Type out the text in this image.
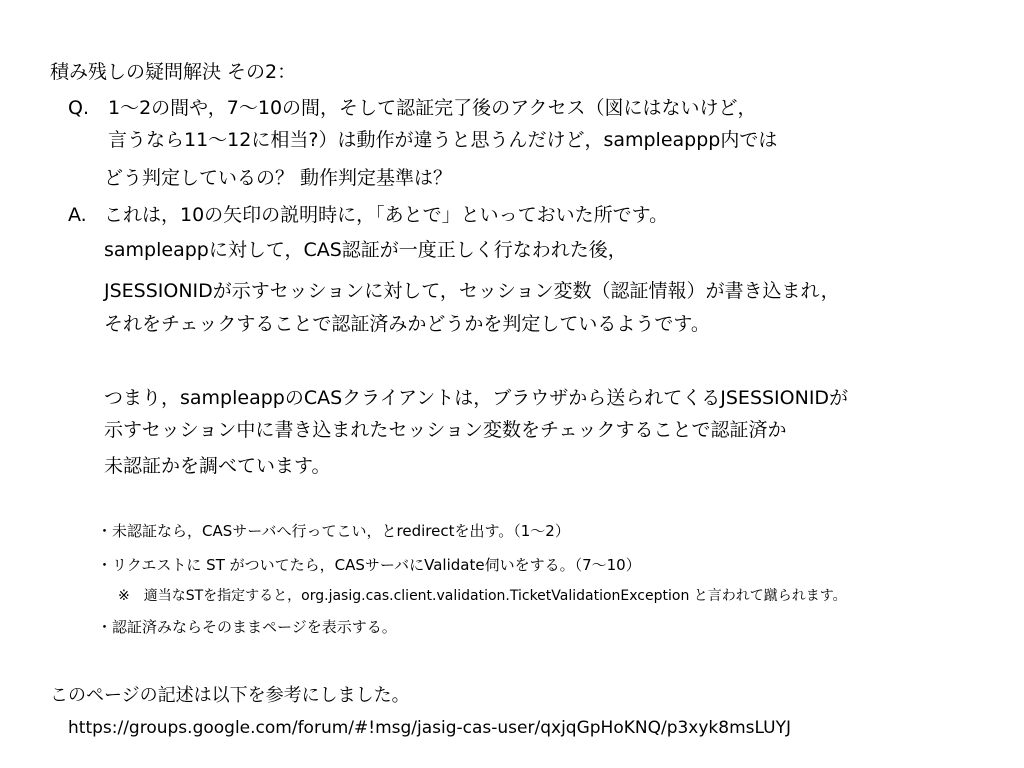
積み残しの疑問解決 その2：
Q. 1〜2の間や，7〜10の間，そして認証完了後のアクセス（図にはないけど，
言うなら11〜12に相当?）は動作が違うと思うんだけど，sampleappp内では
どう判定しているの？ 動作判定基準は？
A. これは，10の矢印の説明時に，「あとで」といっておいた所です。
sampleappに対して，CAS認証が一度正しく行なわれた後，
JSESSIONIDが示すセッションに対して，セッション変数（認証情報）が書き込まれ，
それをチェックすることで認証済みかどうかを判定しているようです。
つまり，sampleappのCASクライアントは，ブラウザから送られてくるJSESSIONIDが
示すセッション中に書き込まれたセッション変数をチェックすることで認証済か
未認証かを調べています。
・未認証なら，CASサーバへ行ってこい，とredirectを出す。（1〜2）
・リクエストに ST がついてたら，CASサーバにValidate伺いをする。（7〜10）
※　適当なSTを指定すると，org.jasig.cas.client.validation.TicketValidationException と言われて蹴られます。
・認証済みならそのままページを表示する。
このページの記述は以下を参考にしました。
https://groups.google.com/forum/#!msg/jasig-cas-user/qxjqGpHoKNQ/p3xyk8msLUYJ
